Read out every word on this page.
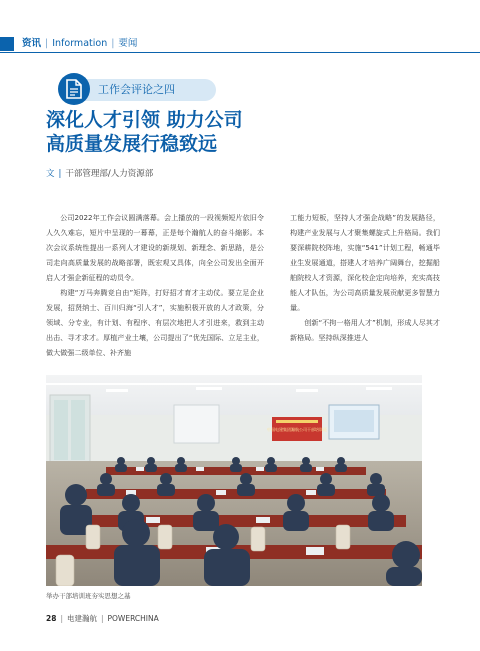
资讯 | Information | 要闻
工作会评论之四
深化人才引领 助力公司
高质量发展行稳致远
文 | 干部管理部/人力资源部

公司2022年工作会议圆满落幕。会上播放的一段视频短片依旧令人久久难忘，短片中呈现的一幕幕，正是每个瀚航人的奋斗縮影。本次会议系统性提出一系列人才建设的新规划、新理念、新思路，是公司走向高质量发展的战略部署，既宏观又具体，向全公司发出全面开启人才强企新征程的动员令。

构建“万马奔腾竞自由”矩阵，打好招才育才主动仗。要立足企业发展，招贤纳士、百川归海“引人才”，实施积极开放的人才政策，分领域、分专业，有计划、有程序、有层次地把人才引进来，救到主动出击、寻才求才。厚植产业土壤，公司提出了“优先国际、立足主业，做大做强二级单位、补齐施

工能力短板，坚持人才强企战略”的发展路径，构建产业发展与人才聚集螺旋式上升格局。我们要深耕院校阵地，实施“541”计划工程，畅通毕业生发展通道，搭建人才培养广阔舞台，挖掘船舶院校人才资源，深化校企定向培养，充实高技能人才队伍，为公司高质量发展贡献更多智慧力量。

创新“不拘一格用人才”机制，形成人尽其才新格局。坚持纵深推进人

中国电建集团瀚航公司干部培训班
举办干部培训班夯实思想之基
28 | 电建瀚航 | POWERCHINA
